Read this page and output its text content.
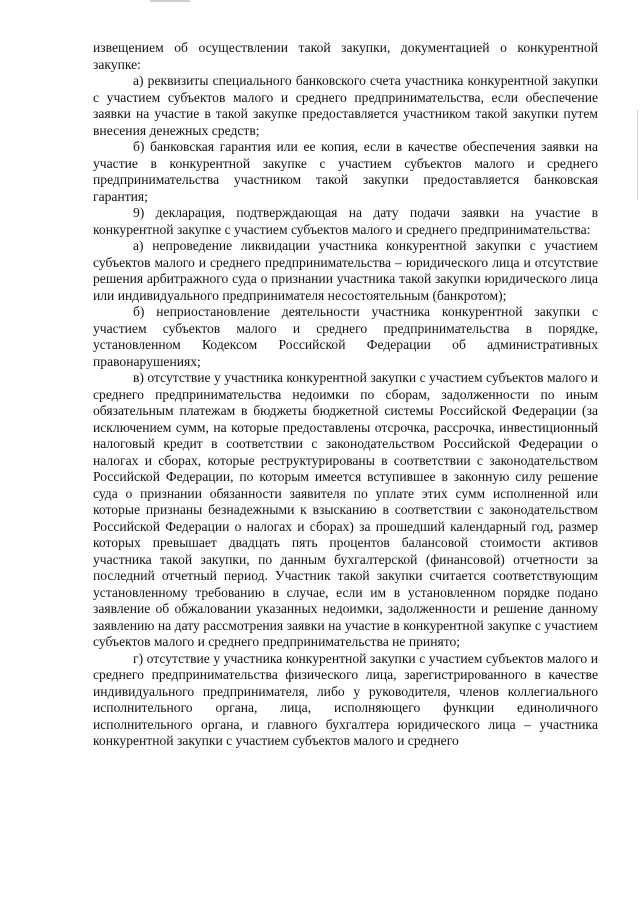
извещением об осуществлении такой закупки, документацией о конкурентной закупке:

а) реквизиты специального банковского счета участника конкурентной закупки с участием субъектов малого и среднего предпринимательства, если обеспечение заявки на участие в такой закупке предоставляется участником такой закупки путем внесения денежных средств;

б) банковская гарантия или ее копия, если в качестве обеспечения заявки на участие в конкурентной закупке с участием субъектов малого и среднего предпринимательства участником такой закупки предоставляется банковская гарантия;

9) декларация, подтверждающая на дату подачи заявки на участие в конкурентной закупке с участием субъектов малого и среднего предпринимательства:

а) непроведение ликвидации участника конкурентной закупки с участием субъектов малого и среднего предпринимательства – юридического лица и отсутствие решения арбитражного суда о признании участника такой закупки юридического лица или индивидуального предпринимателя несостоятельным (банкротом);

б) неприостановление деятельности участника конкурентной закупки с участием субъектов малого и среднего предпринимательства в порядке, установленном Кодексом Российской Федерации об административных правонарушениях;

в) отсутствие у участника конкурентной закупки с участием субъектов малого и среднего предпринимательства недоимки по сборам, задолженности по иным обязательным платежам в бюджеты бюджетной системы Российской Федерации (за исключением сумм, на которые предоставлены отсрочка, рассрочка, инвестиционный налоговый кредит в соответствии с законодательством Российской Федерации о налогах и сборах, которые реструктурированы в соответствии с законодательством Российской Федерации, по которым имеется вступившее в законную силу решение суда о признании обязанности заявителя по уплате этих сумм исполненной или которые признаны безнадежными к взысканию в соответствии с законодательством Российской Федерации о налогах и сборах) за прошедший календарный год, размер которых превышает двадцать пять процентов балансовой стоимости активов участника такой закупки, по данным бухгалтерской (финансовой) отчетности за последний отчетный период. Участник такой закупки считается соответствующим установленному требованию в случае, если им в установленном порядке подано заявление об обжаловании указанных недоимки, задолженности и решение данному заявлению на дату рассмотрения заявки на участие в конкурентной закупке с участием субъектов малого и среднего предпринимательства не принято;

г) отсутствие у участника конкурентной закупки с участием субъектов малого и среднего предпринимательства физического лица, зарегистрированного в качестве индивидуального предпринимателя, либо у руководителя, членов коллегиального исполнительного органа, лица, исполняющего функции единоличного исполнительного органа, и главного бухгалтера юридического лица – участника конкурентной закупки с участием субъектов малого и среднего
